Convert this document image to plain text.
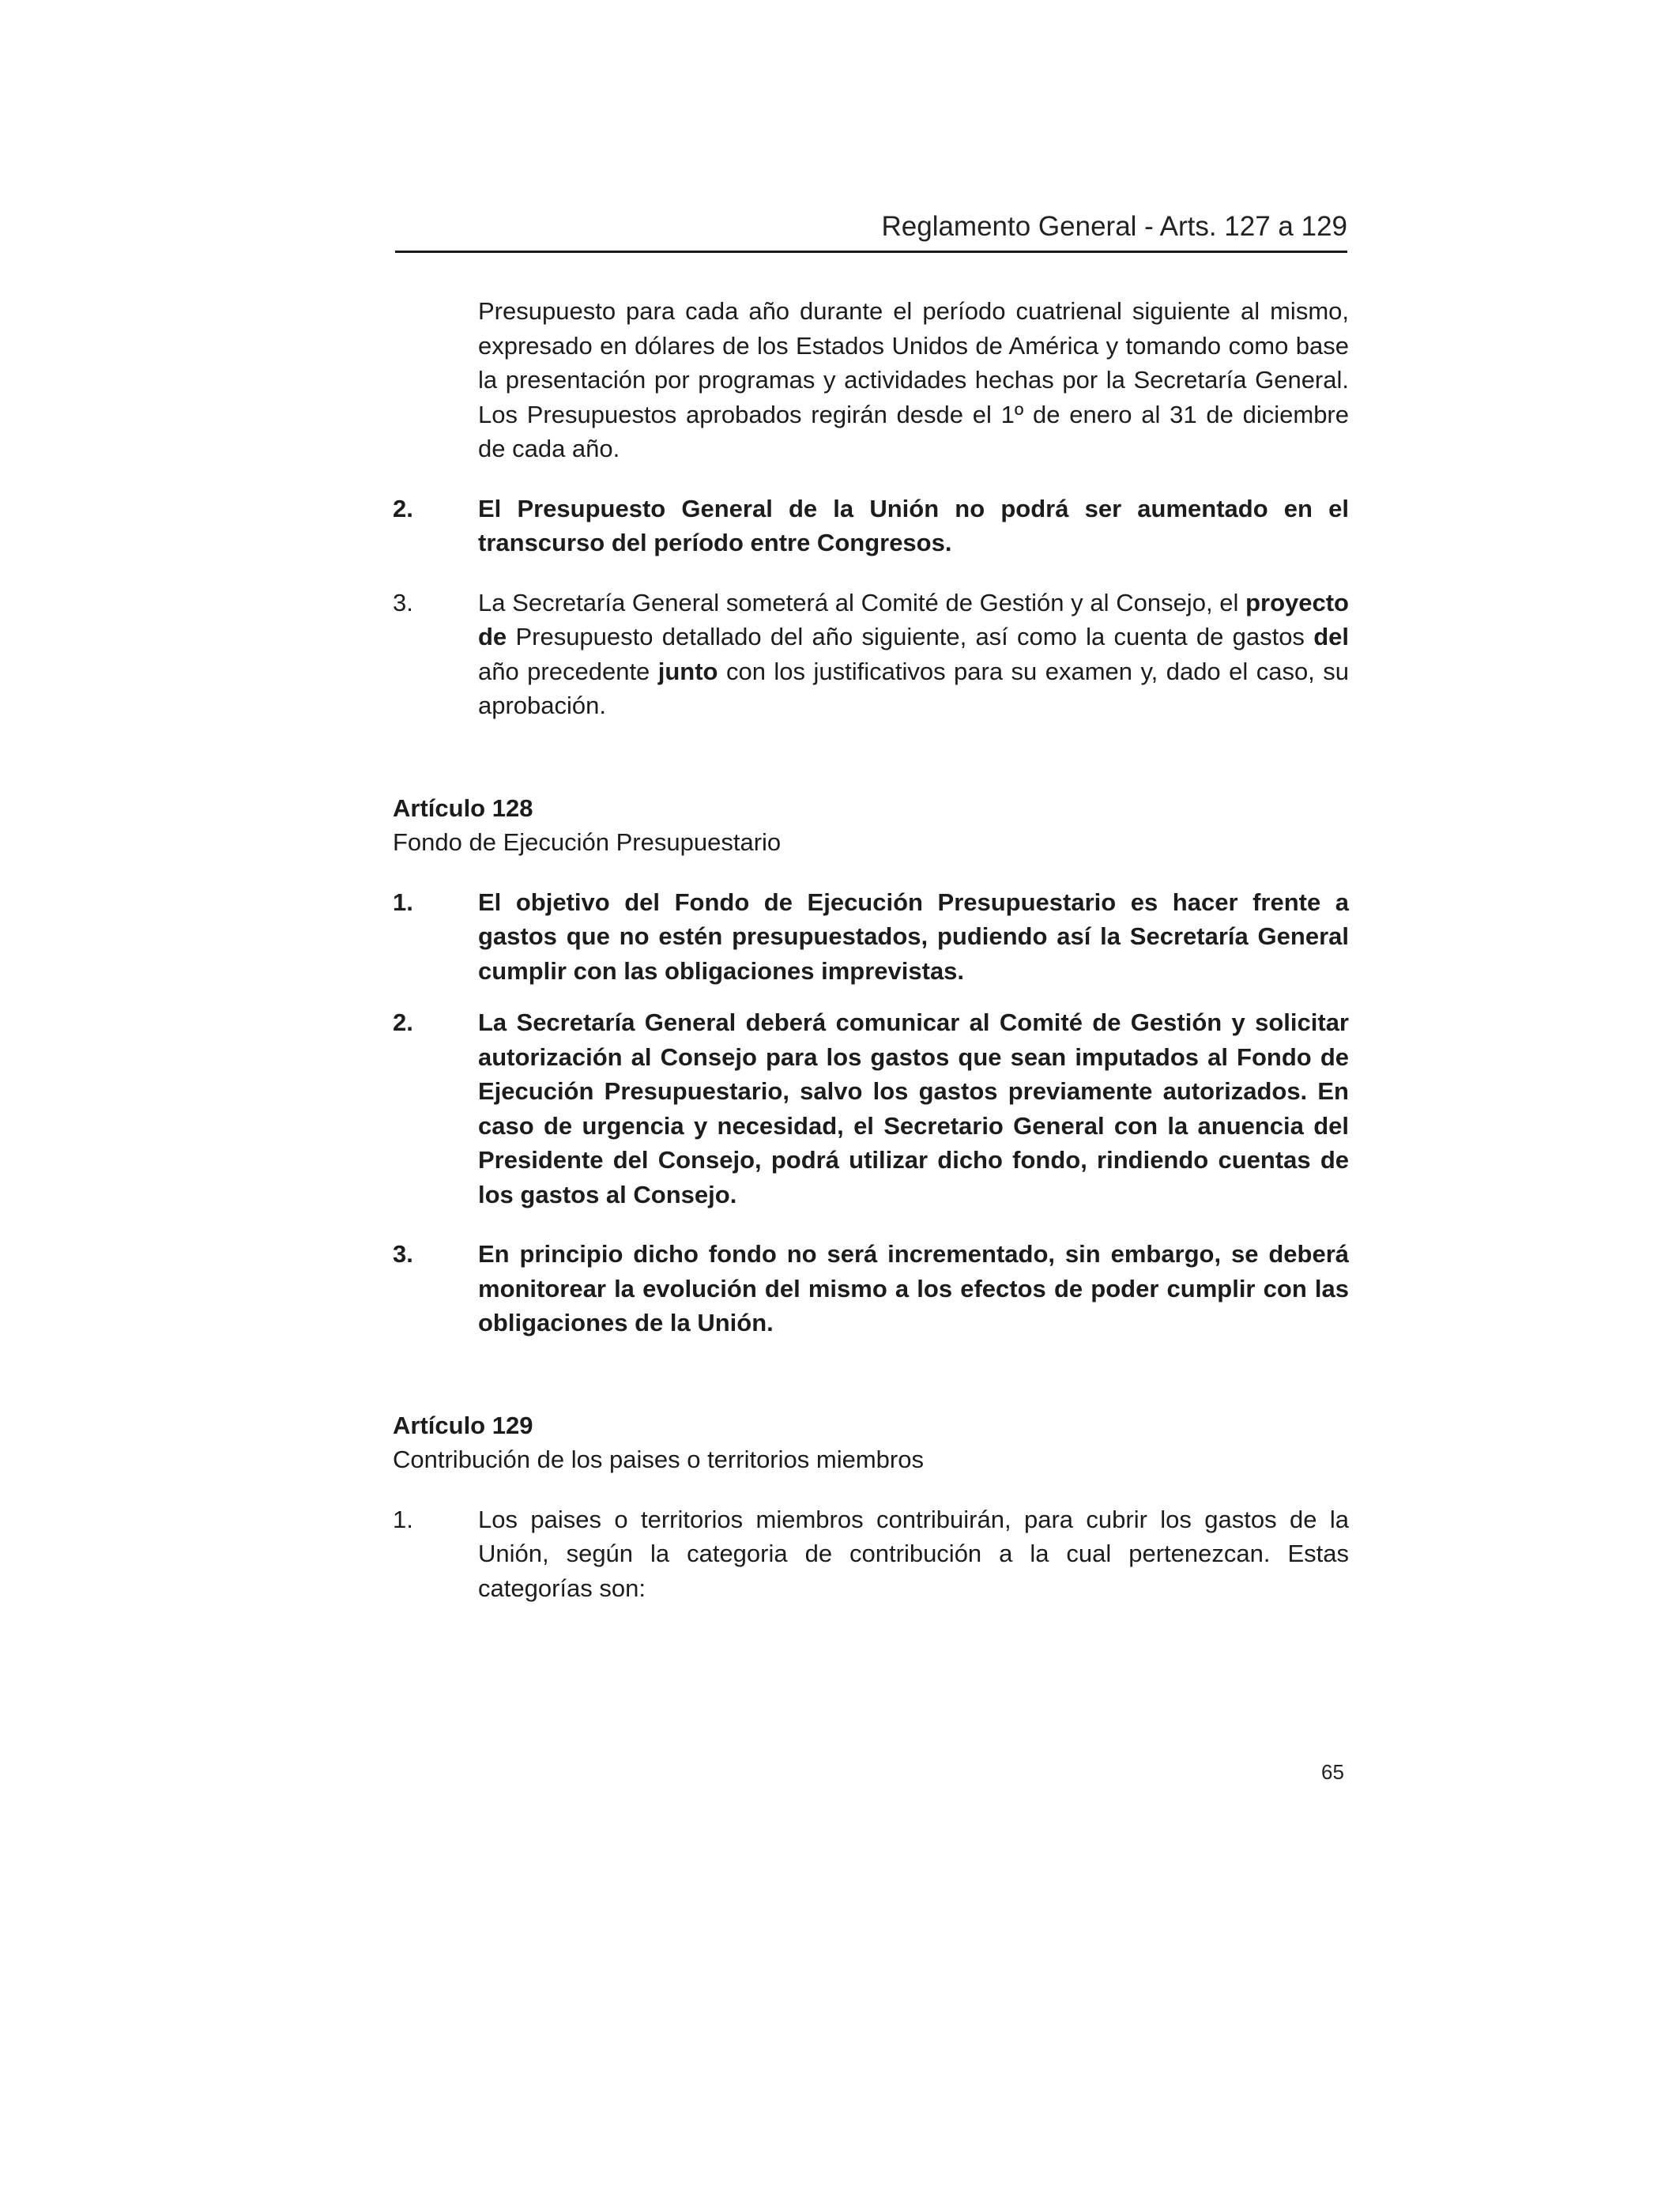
Reglamento General - Arts. 127 a 129

Presupuesto para cada año durante el período cuatrienal siguiente al mismo, expresado en dólares de los Estados Unidos de América y tomando como base la presentación por programas y actividades hechas por la Secretaría General. Los Presupuestos aprobados regirán desde el 1º de enero al 31 de diciembre de cada año.

2.	El Presupuesto General de la Unión no podrá ser aumentado en el transcurso del período entre Congresos.
3.	La Secretaría General someterá al Comité de Gestión y al Consejo, el proyecto de Presupuesto detallado del año siguiente, así como la cuenta de gastos del año precedente junto con los justificativos para su examen y, dado el caso, su aprobación.
Artículo 128
Fondo de Ejecución Presupuestario
1.	El objetivo del Fondo de Ejecución Presupuestario es hacer frente a gastos que no estén presupuestados, pudiendo así la Secretaría General cumplir con las obligaciones imprevistas.
2.	La Secretaría General deberá comunicar al Comité de Gestión y solicitar autorización al Consejo para los gastos que sean imputados al Fondo de Ejecución Presupuestario, salvo los gastos previamente autorizados. En caso de urgencia y necesidad, el Secretario General con la anuencia del Presidente del Consejo, podrá utilizar dicho fondo, rindiendo cuentas de los gastos al Consejo.
3.	En principio dicho fondo no será incrementado, sin embargo, se deberá monitorear la evolución del mismo a los efectos de poder cumplir con las obligaciones de la Unión.
Artículo 129
Contribución de los paises o territorios miembros
1.	Los paises o territorios miembros contribuirán, para cubrir los gastos de la Unión, según la categoria de contribución a la cual pertenezcan. Estas categorías son:
65
